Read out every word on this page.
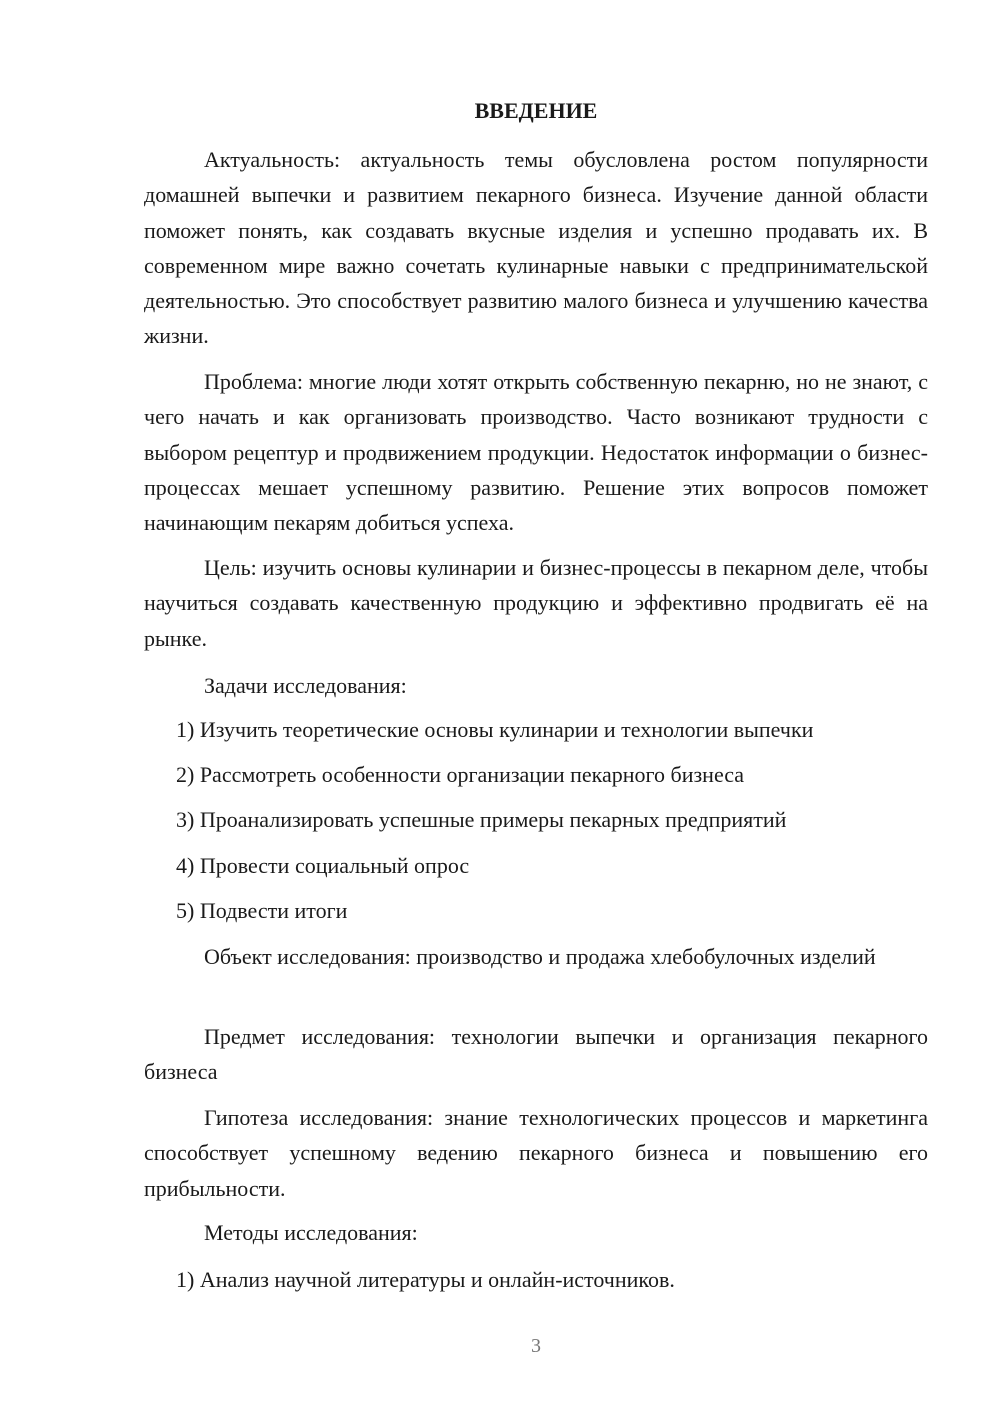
ВВЕДЕНИЕ

Актуальность: актуальность темы обусловлена ростом популярности домашней выпечки и развитием пекарного бизнеса. Изучение данной области поможет понять, как создавать вкусные изделия и успешно продавать их. В современном мире важно сочетать кулинарные навыки с предпринимательской деятельностью. Это способствует развитию малого бизнеса и улучшению качества жизни.

Проблема: многие люди хотят открыть собственную пекарню, но не знают, с чего начать и как организовать производство. Часто возникают трудности с выбором рецептур и продвижением продукции. Недостаток информации о бизнес-процессах мешает успешному развитию. Решение этих вопросов поможет начинающим пекарям добиться успеха.

Цель: изучить основы кулинарии и бизнес-процессы в пекарном деле, чтобы научиться создавать качественную продукцию и эффективно продвигать её на рынке.

Задачи исследования:

1) Изучить теоретические основы кулинарии и технологии выпечки

2) Рассмотреть особенности организации пекарного бизнеса

3) Проанализировать успешные примеры пекарных предприятий

4) Провести социальный опрос

5) Подвести итоги

Объект исследования: производство и продажа хлебобулочных изделий

Предмет исследования: технологии выпечки и организация пекарного бизнеса

Гипотеза исследования: знание технологических процессов и маркетинга способствует успешному ведению пекарного бизнеса и повышению его прибыльности.

Методы исследования:

1) Анализ научной литературы и онлайн-источников.

3
